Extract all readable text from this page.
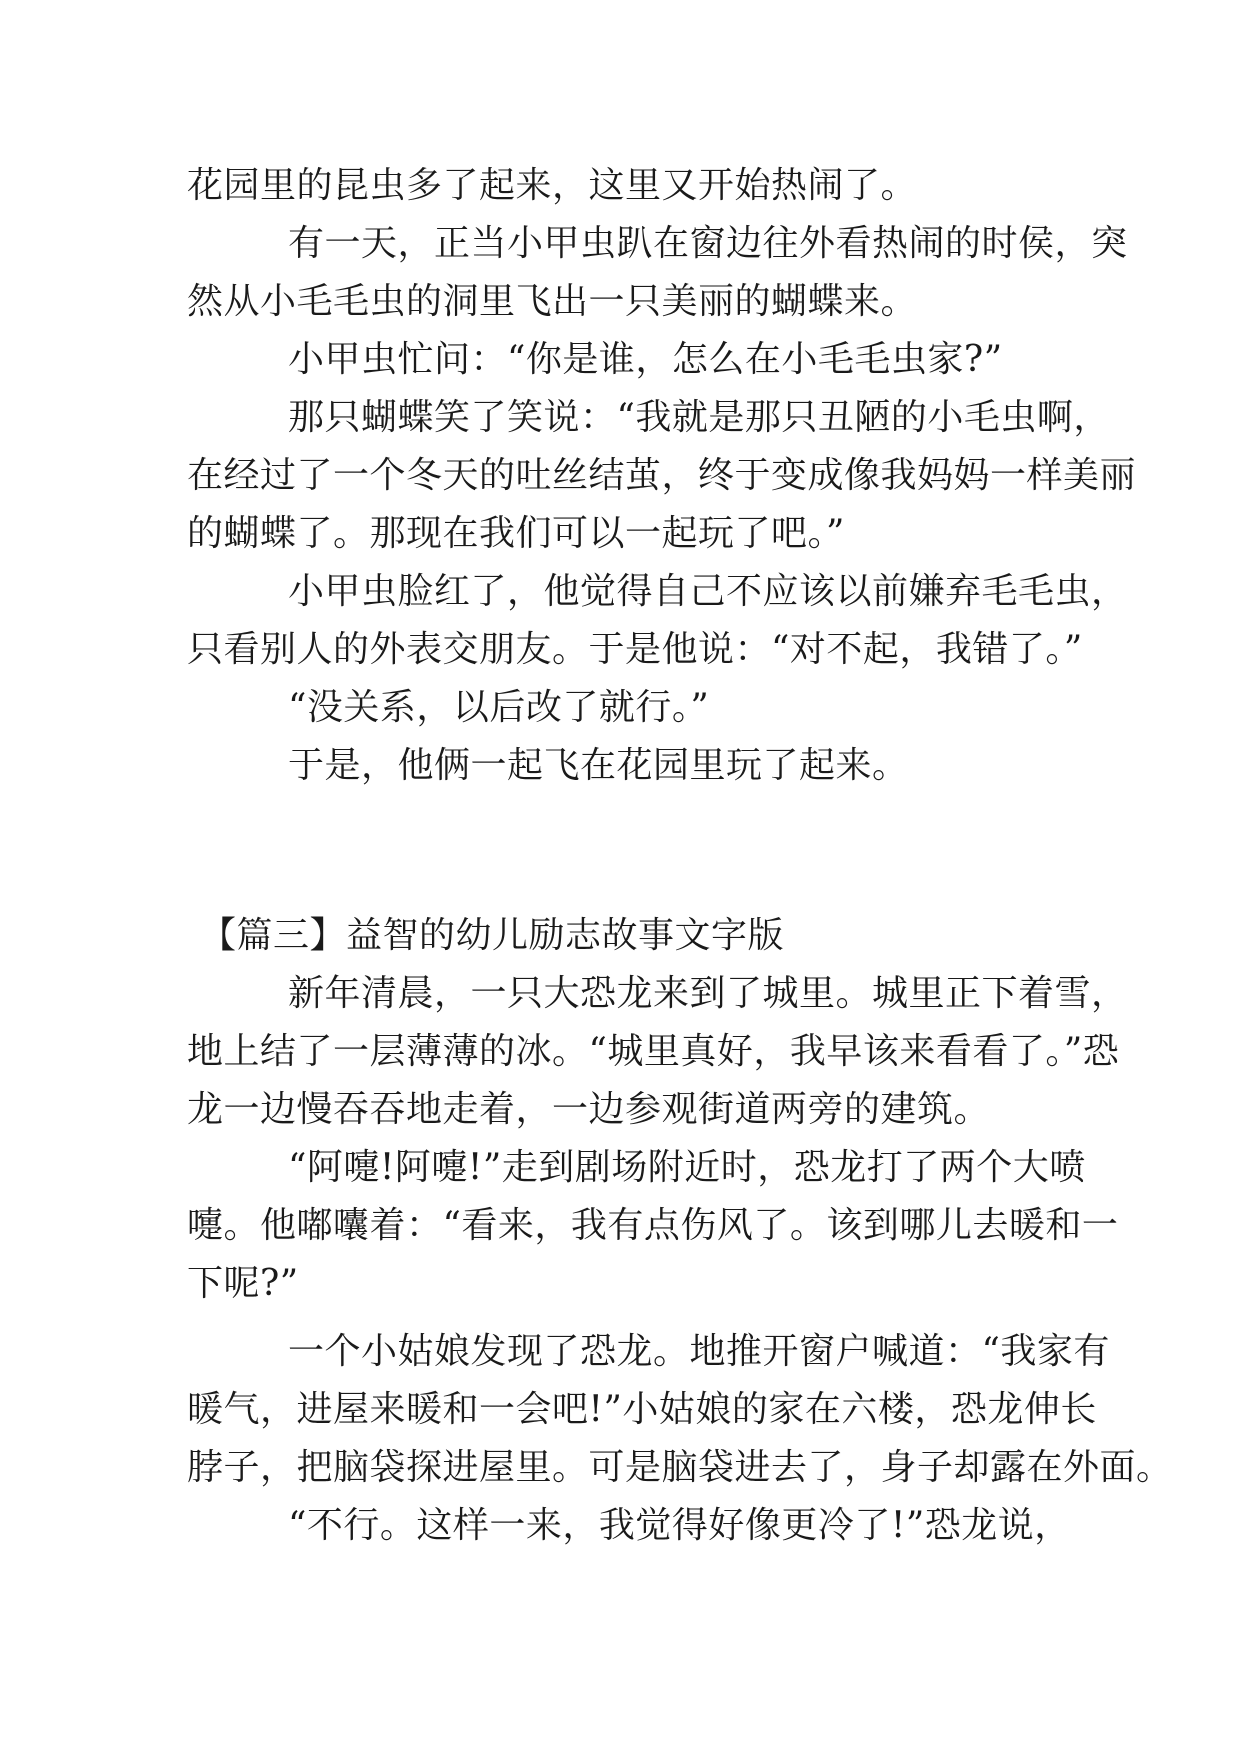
花园里的昆虫多了起来，这里又开始热闹了。
有一天，正当小甲虫趴在窗边往外看热闹的时侯，突
然从小毛毛虫的洞里飞出一只美丽的蝴蝶来。
小甲虫忙问：“你是谁，怎么在小毛毛虫家?”
那只蝴蝶笑了笑说：“我就是那只丑陋的小毛虫啊，
在经过了一个冬天的吐丝结茧，终于变成像我妈妈一样美丽
的蝴蝶了。那现在我们可以一起玩了吧。”
小甲虫脸红了，他觉得自己不应该以前嫌弃毛毛虫，
只看别人的外表交朋友。于是他说：“对不起，我错了。”
“没关系，以后改了就行。”
于是，他俩一起飞在花园里玩了起来。
【篇三】益智的幼儿励志故事文字版
新年清晨，一只大恐龙来到了城里。城里正下着雪，
地上结了一层薄薄的冰。“城里真好，我早该来看看了。”恐
龙一边慢吞吞地走着，一边参观街道两旁的建筑。
“阿嚏!阿嚏!”走到剧场附近时，恐龙打了两个大喷
嚏。他嘟囔着：“看来，我有点伤风了。该到哪儿去暖和一
下呢?”
一个小姑娘发现了恐龙。地推开窗户喊道：“我家有
暖气，进屋来暖和一会吧!”小姑娘的家在六楼，恐龙伸长
脖子，把脑袋探进屋里。可是脑袋进去了，身子却露在外面。
“不行。这样一来，我觉得好像更冷了!”恐龙说，
